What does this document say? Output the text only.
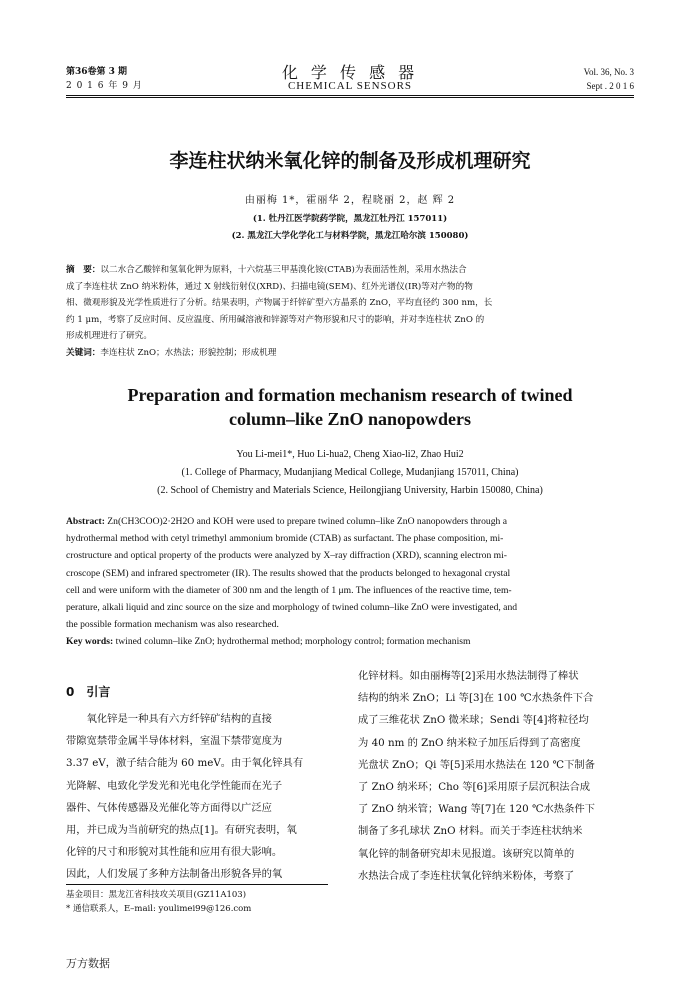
第36卷第 3 期
2 0 1 6 年 9 月
化 学 传 感 器
CHEMICAL SENSORS
Vol. 36, No. 3
Sept . 2 0 1 6
李连柱状纳米氧化锌的制备及形成机理研究
由丽梅 1*，霍丽华 2，程晓丽 2，赵 辉 2
(1. 牡丹江医学院药学院，黑龙江牡丹江 157011)
(2. 黑龙江大学化学化工与材料学院，黑龙江哈尔滨 150080)
摘　要：以二水合乙酸锌和氢氧化钾为原料，十六烷基三甲基溴化铵(CTAB)为表面活性剂，采用水热法合
成了李连柱状 ZnO 纳米粉体，通过 X 射线衍射仪(XRD)、扫描电镜(SEM)、红外光谱仪(IR)等对产物的物
相、微观形貌及光学性质进行了分析。结果表明，产物属于纤锌矿型六方晶系的 ZnO，平均直径约 300 nm，长
约 1 μm，考察了反应时间、反应温度、所用碱溶液和锌源等对产物形貌和尺寸的影响，并对李连柱状 ZnO 的
形成机理进行了研究。
关键词：李连柱状 ZnO；水热法；形貌控制；形成机理
Preparation and formation mechanism research of twined
column–like ZnO nanopowders
You Li-mei1*, Huo Li-hua2, Cheng Xiao-li2, Zhao Hui2
(1. College of Pharmacy, Mudanjiang Medical College, Mudanjiang 157011, China)
(2. School of Chemistry and Materials Science, Heilongjiang University, Harbin 150080, China)
Abstract: Zn(CH3COO)2·2H2O and KOH were used to prepare twined column–like ZnO nanopowders through a
hydrothermal method with cetyl trimethyl ammonium bromide (CTAB) as surfactant. The phase composition, mi-
crostructure and optical property of the products were analyzed by X–ray diffraction (XRD), scanning electron mi-
croscope (SEM) and infrared spectrometer (IR). The results showed that the products belonged to hexagonal crystal
cell and were uniform with the diameter of 300 nm and the length of 1 μm. The influences of the reactive time, tem-
perature, alkali liquid and zinc source on the size and morphology of twined column–like ZnO were investigated, and
the possible formation mechanism was also researched.
Key words: twined column–like ZnO; hydrothermal method; morphology control; formation mechanism
0　引言
　　氧化锌是一种具有六方纤锌矿结构的直接
带隙宽禁带金属半导体材料，室温下禁带宽度为
3.37 eV，激子结合能为 60 meV。由于氧化锌具有
光降解、电致化学发光和光电化学性能而在光子
器件、气体传感器及光催化等方面得以广泛应
用，并已成为当前研究的热点[1]。有研究表明，氧
化锌的尺寸和形貌对其性能和应用有很大影响。
因此，人们发展了多种方法制备出形貌各异的氧
化锌材料。如由丽梅等[2]采用水热法制得了棒状
结构的纳米 ZnO；Li 等[3]在 100 ℃水热条件下合
成了三维花状 ZnO 微米球；Sendi 等[4]将粒径均
为 40 nm 的 ZnO 纳米粒子加压后得到了高密度
光盘状 ZnO；Qi 等[5]采用水热法在 120 ℃下制备
了 ZnO 纳米环；Cho 等[6]采用原子层沉积法合成
了 ZnO 纳米管；Wang 等[7]在 120 ℃水热条件下
制备了多孔球状 ZnO 材料。而关于李连柱状纳米
氧化锌的制备研究却未见报道。该研究以简单的
水热法合成了李连柱状氧化锌纳米粉体，考察了
基金项目：黑龙江省科技攻关项目(GZ11A103)
* 通信联系人，E–mail: youlimei99@126.com
万方数据
